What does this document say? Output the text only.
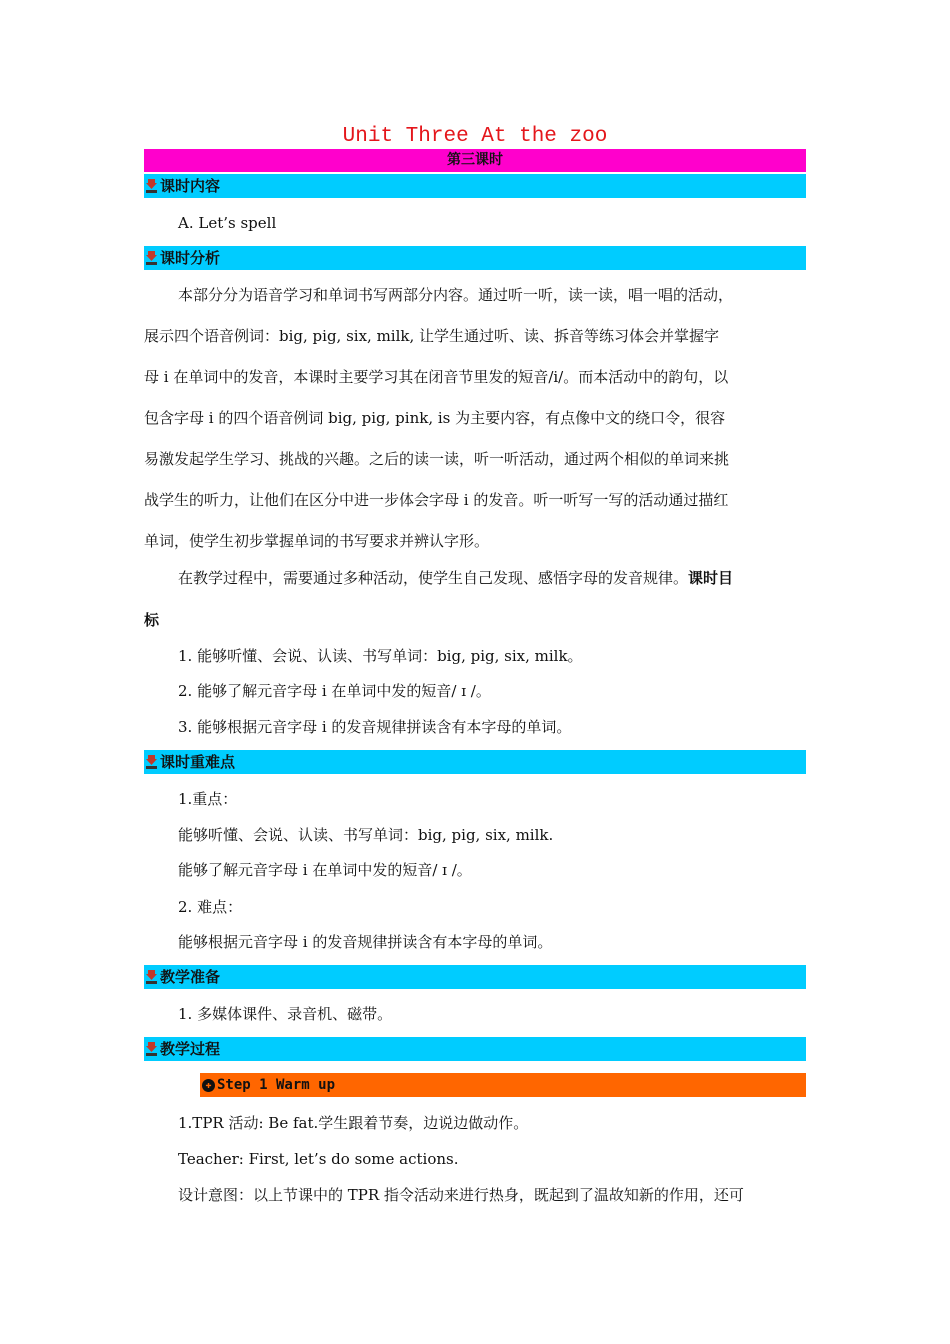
Unit Three At the zoo
第三课时
课时内容
A. Let’s spell
课时分析
本部分分为语音学习和单词书写两部分内容。通过听一听，读一读，唱一唱的活动，
展示四个语音例词：big, pig, six, milk, 让学生通过听、读、拆音等练习体会并掌握字
母 i 在单词中的发音，本课时主要学习其在闭音节里发的短音/i/。而本活动中的韵句，以
包含字母 i 的四个语音例词 big, pig, pink, is 为主要内容，有点像中文的绕口令，很容
易激发起学生学习、挑战的兴趣。之后的读一读，听一听活动，通过两个相似的单词来挑
战学生的听力，让他们在区分中进一步体会字母 i 的发音。听一听写一写的活动通过描红
单词，使学生初步掌握单词的书写要求并辨认字形。
在教学过程中，需要通过多种活动，使学生自己发现、感悟字母的发音规律。课时目
标
1. 能够听懂、会说、认读、书写单词：big, pig, six, milk。
2. 能够了解元音字母 i 在单词中发的短音/ ɪ /。
3. 能够根据元音字母 i 的发音规律拼读含有本字母的单词。
课时重难点
1.重点：
能够听懂、会说、认读、书写单词：big, pig, six, milk.
能够了解元音字母 i 在单词中发的短音/ ɪ /。
2. 难点：
能够根据元音字母 i 的发音规律拼读含有本字母的单词。
教学准备
1. 多媒体课件、录音机、磁带。
教学过程
✚ Step 1 Warm up
1.TPR 活动: Be fat.学生跟着节奏，边说边做动作。
Teacher: First, let’s do some actions.
设计意图：以上节课中的 TPR 指令活动来进行热身，既起到了温故知新的作用，还可
